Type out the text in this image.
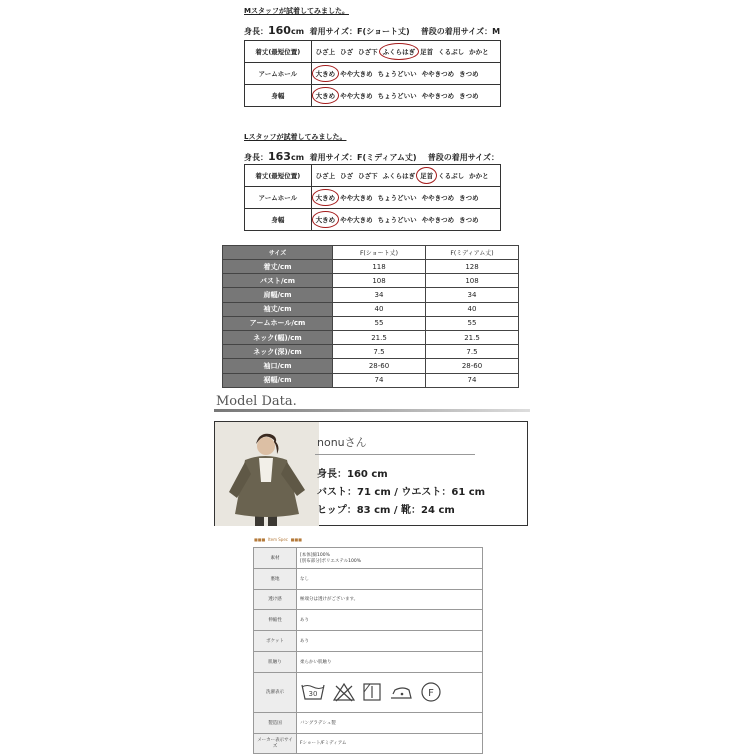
Mスタッフが試着してみました。
身長：160cm 着用サイズ：F(ショート丈) 普段の着用サイズ：M
着丈(最短位置)	ひざ上 ひざ ひざ下 ふくらはぎ 足首 くるぶし かかと
アームホール	大きめ やや大きめ ちょうどいい ややきつめ きつめ
身幅	大きめ やや大きめ ちょうどいい ややきつめ きつめ
Lスタッフが試着してみました。
身長：163cm 着用サイズ：F(ミディアム丈) 普段の着用サイズ：
着丈(最短位置)	ひざ上 ひざ ひざ下 ふくらはぎ 足首 くるぶし かかと
アームホール	大きめ やや大きめ ちょうどいい ややきつめ きつめ
身幅	大きめ やや大きめ ちょうどいい ややきつめ きつめ
サイズ	F(ショート丈)	F(ミディアム丈)
着丈/cm	118	128
バスト/cm	108	108
肩幅/cm	34	34
袖丈/cm	40	40
アームホール/cm	55	55
ネック(幅)/cm	21.5	21.5
ネック(深)/cm	7.5	7.5
袖口/cm	28-60	28-60
裾幅/cm	74	74
Model Data.
nonuさん
身長：160 cm
バスト：71 cm / ウエスト：61 cm
ヒップ：83 cm / 靴：24 cm
■■■ Item Spec ■■■
素材	[本体]綿100%
[別布部分]ポリエステル100%
裏地	なし
透け感	極端分は透けがございます。
伸縮性	あり
ポケット	あり
肌触り	柔らかい肌触り
洗濯表示	30 F

製造国	バングラデシュ製
メーカー表示サイズ	Fショート/Fミディアム
